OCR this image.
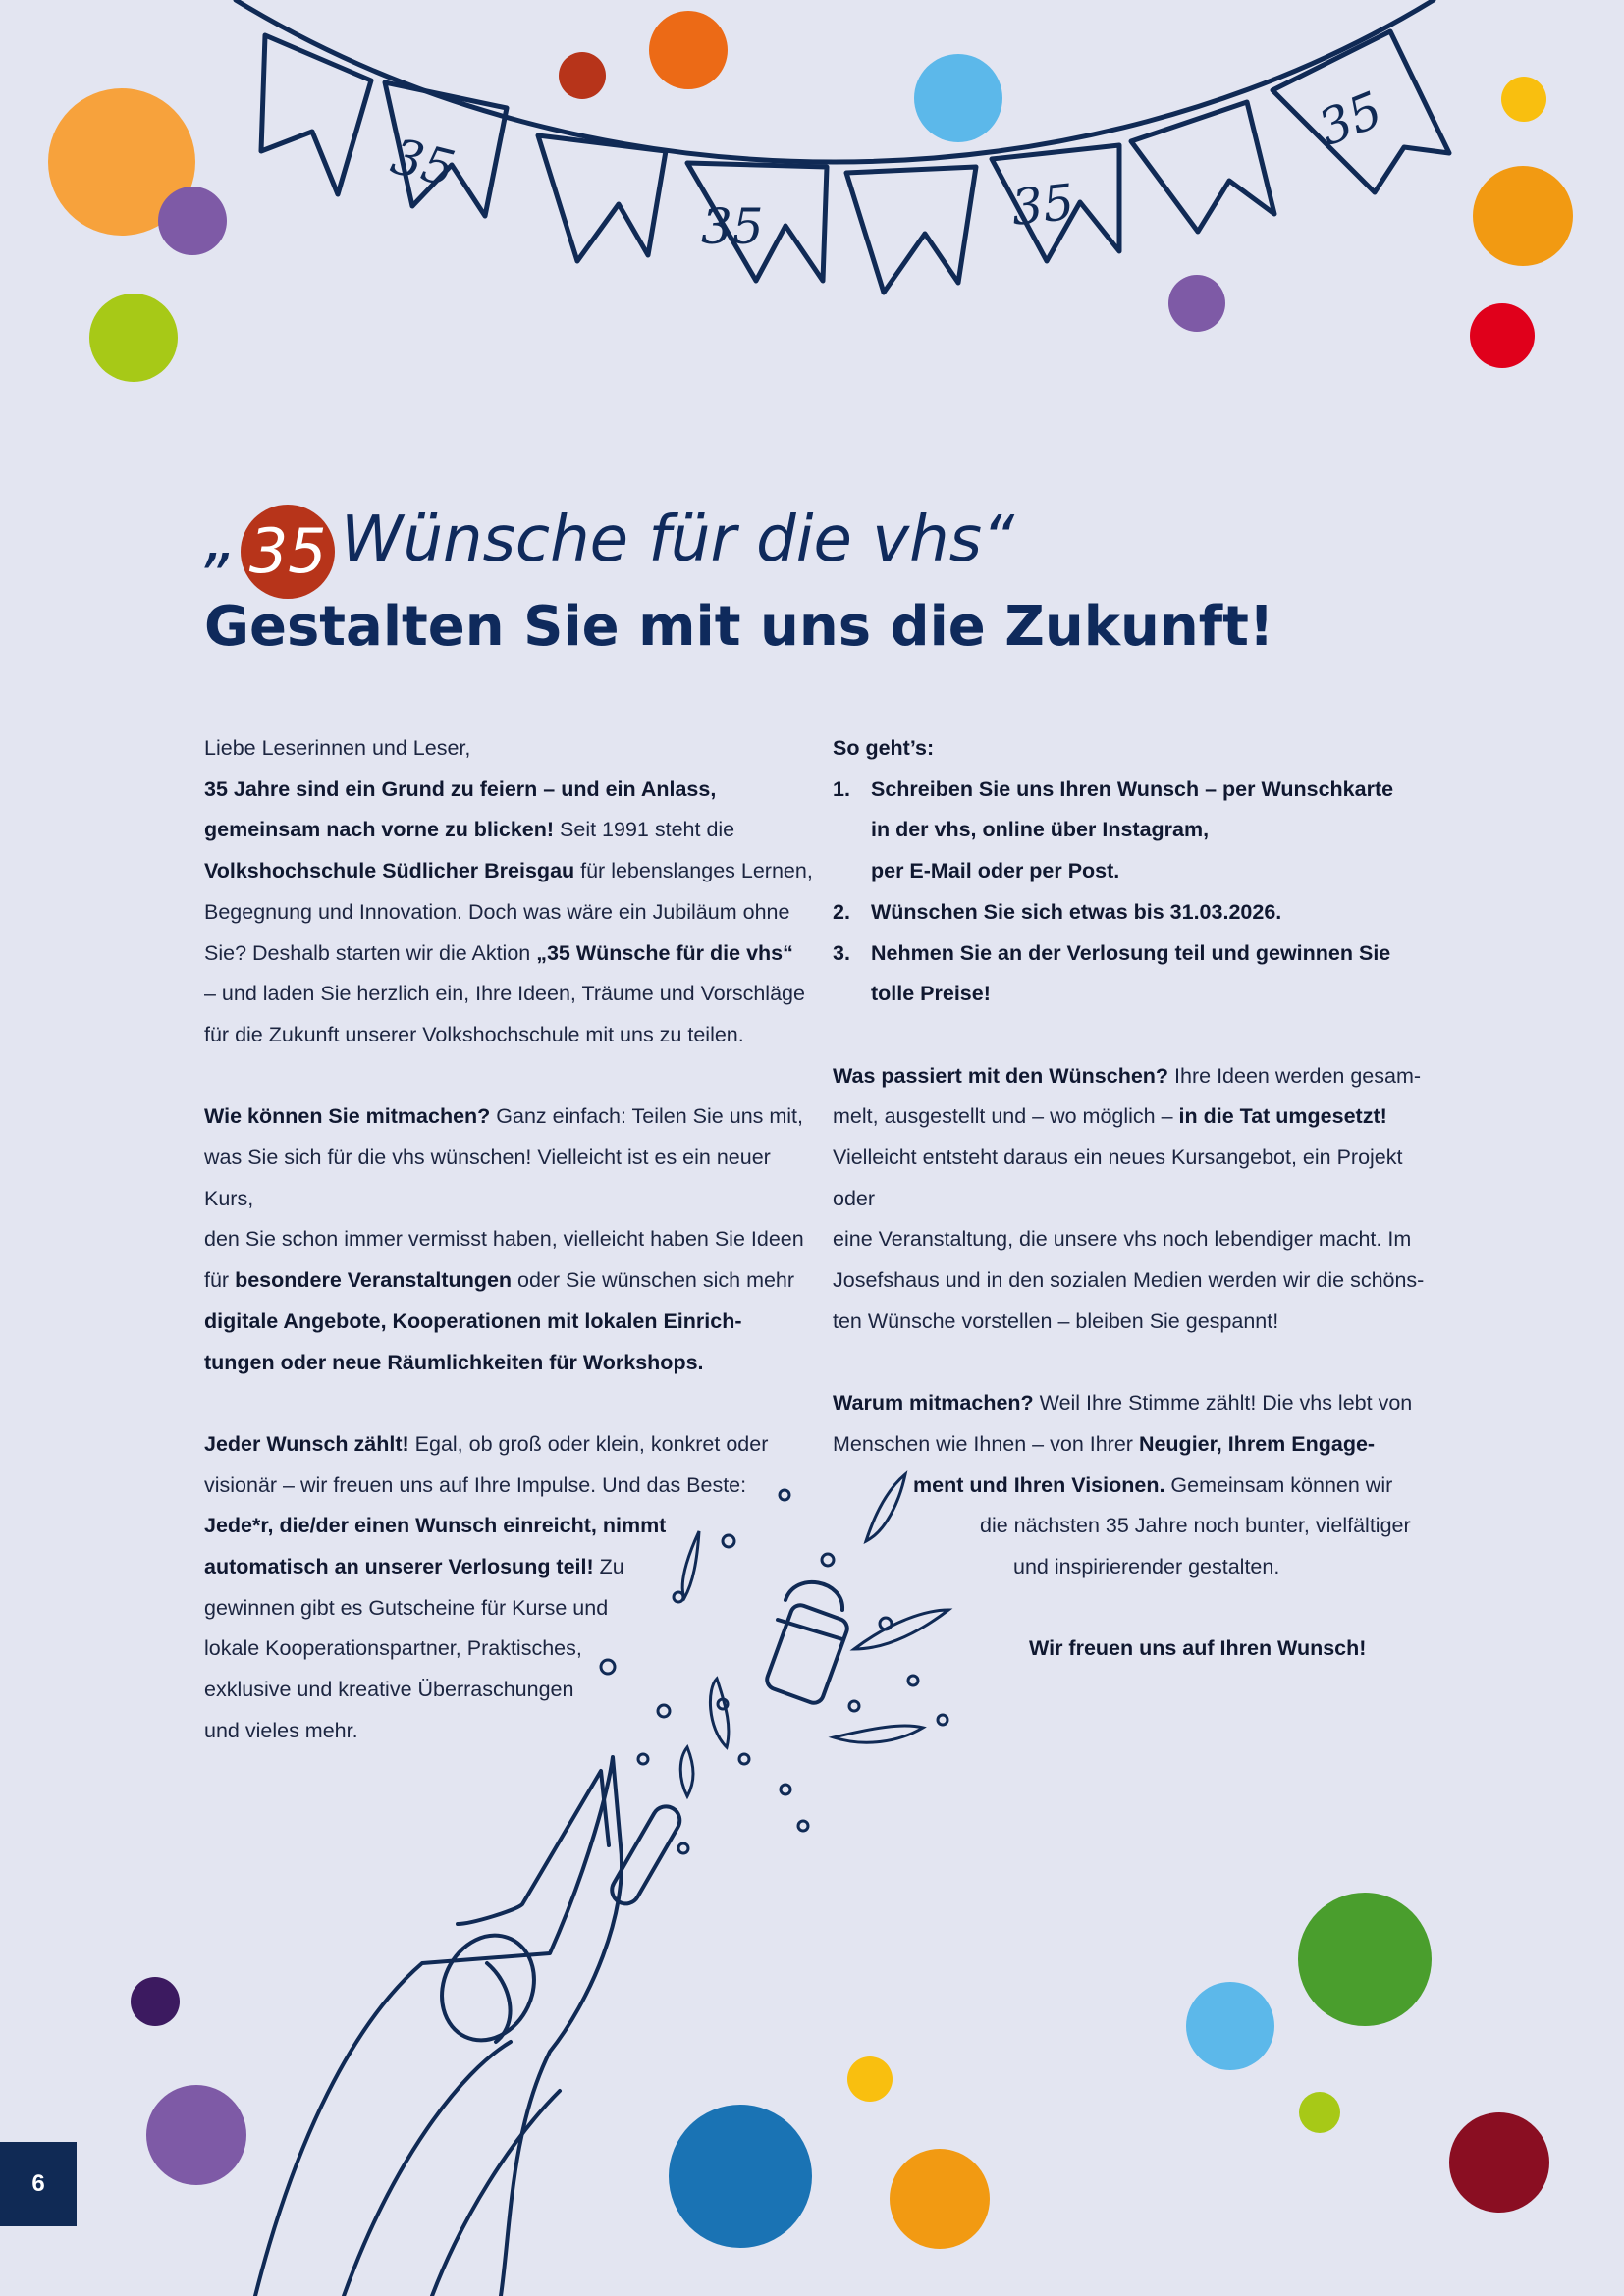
35
35	35
35
„ 35 Wünsche für die vhs“
Gestalten Sie mit uns die Zukunft!

Liebe Leserinnen und Leser,

35 Jahre sind ein Grund zu feiern – und ein Anlass,

gemeinsam nach vorne zu blicken! Seit 1991 steht die

Volkshochschule Südlicher Breisgau für lebenslanges Lernen,

Begegnung und Innovation. Doch was wäre ein Jubiläum ohne

Sie? Deshalb starten wir die Aktion „35 Wünsche für die vhs“

– und laden Sie herzlich ein, Ihre Ideen, Träume und Vorschläge

für die Zukunft unserer Volkshochschule mit uns zu teilen.

Wie können Sie mitmachen? Ganz einfach: Teilen Sie uns mit,

was Sie sich für die vhs wünschen! Vielleicht ist es ein neuer Kurs,

den Sie schon immer vermisst haben, vielleicht haben Sie Ideen

für besondere Veranstaltungen oder Sie wünschen sich mehr

digitale Angebote, Kooperationen mit lokalen Einrich-

tungen oder neue Räumlichkeiten für Workshops.

Jeder Wunsch zählt! Egal, ob groß oder klein, konkret oder

visionär – wir freuen uns auf Ihre Impulse. Und das Beste:

Jede*r, die/der einen Wunsch einreicht, nimmt

automatisch an unserer Verlosung teil! Zu

gewinnen gibt es Gutscheine für Kurse und

lokale Kooperationspartner, Praktisches,

exklusive und kreative Überraschungen

und vieles mehr.

So geht’s:

1. Schreiben Sie uns Ihren Wunsch – per Wunschkarte
in der vhs, online über Instagram,
per E-Mail oder per Post.
2. Wünschen Sie sich etwas bis 31.03.2026.
3. Nehmen Sie an der Verlosung teil und gewinnen Sie
tolle Preise!

Was passiert mit den Wünschen? Ihre Ideen werden gesam-

melt, ausgestellt und – wo möglich – in die Tat umgesetzt!

Vielleicht entsteht daraus ein neues Kursangebot, ein Projekt oder

eine Veranstaltung, die unsere vhs noch lebendiger macht. Im

Josefshaus und in den sozialen Medien werden wir die schöns-

ten Wünsche vorstellen – bleiben Sie gespannt!

Warum mitmachen? Weil Ihre Stimme zählt! Die vhs lebt von

Menschen wie Ihnen – von Ihrer Neugier, Ihrem Engage-

ment und Ihren Visionen. Gemeinsam können wir

die nächsten 35 Jahre noch bunter, vielfältiger

und inspirierender gestalten.

Wir freuen uns auf Ihren Wunsch!

6
